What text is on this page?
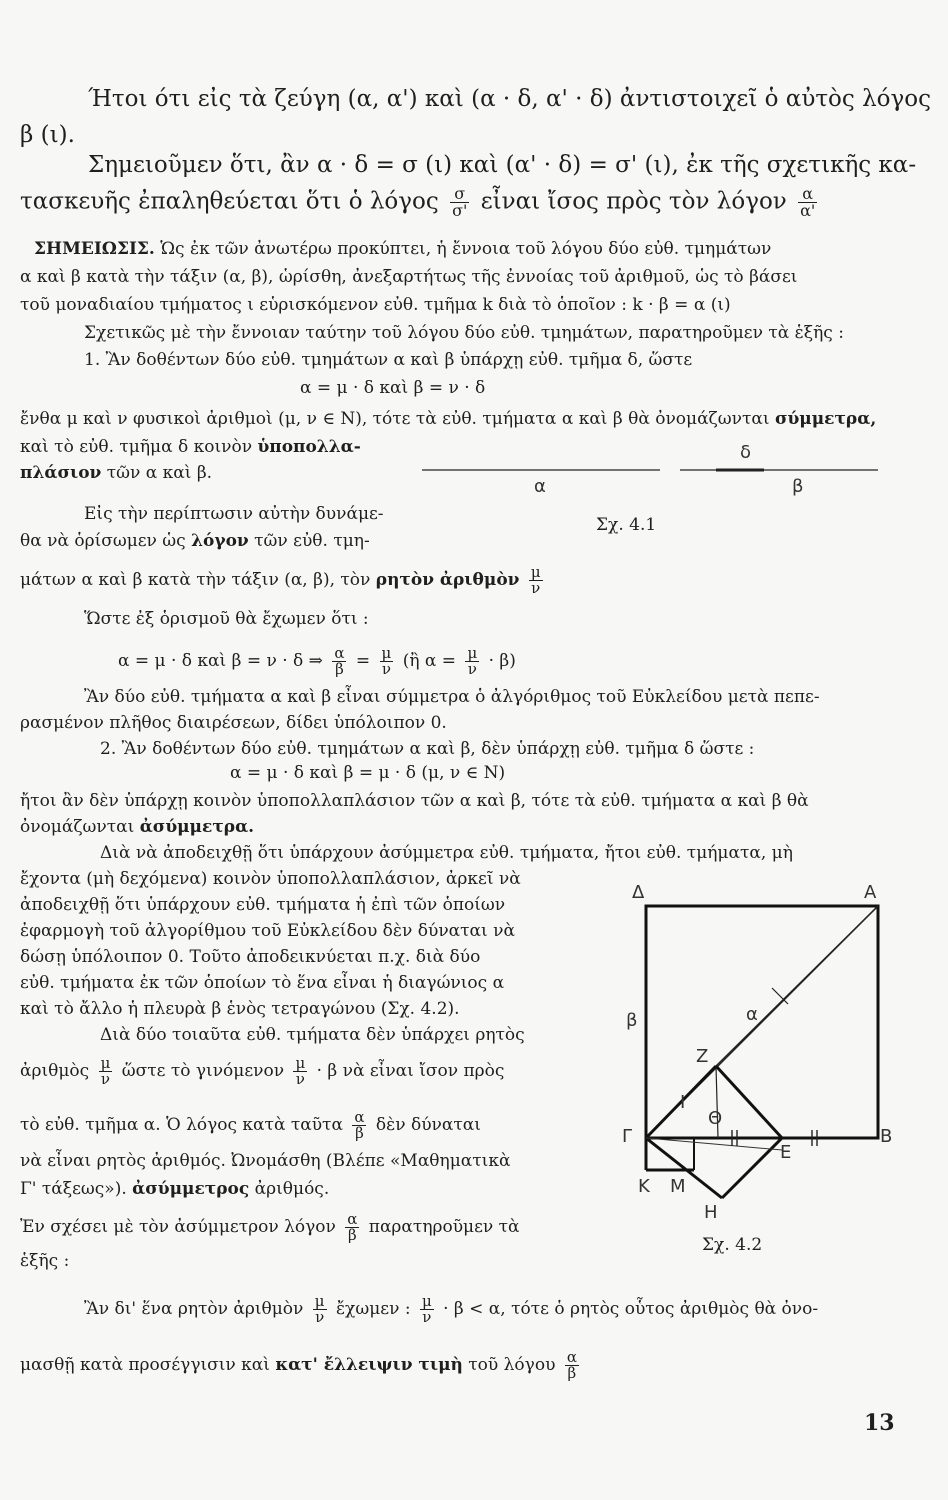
Ήτοι ότι εἰς τὰ ζεύγη (α, α') καὶ (α · δ, α' · δ) ἀντιστοιχεῖ ὁ αὐτὸς λόγος
β (ι).
Σημειοῦμεν ὅτι, ἂν α · δ = σ (ι) καὶ (α' · δ) = σ' (ι), ἐκ τῆς σχετικῆς κα-
τασκευῆς ἐπαληθεύεται ὅτι ὁ λόγος $\frac{\sigma}{\sigma'}$ εἶναι ἴσος πρὸς τὸν λόγον $\frac{\alpha}{\alpha'}$
ΣΗΜΕΙΩΣΙΣ. Ὡς ἐκ τῶν ἀνωτέρω προκύπτει, ἡ ἔννοια τοῦ λόγου δύο εὐθ. τμημάτων
α καὶ β κατὰ τὴν τάξιν (α, β), ὡρίσθη, ἀνεξαρτήτως τῆς ἐννοίας τοῦ ἀριθμοῦ, ὡς τὸ βάσει
τοῦ μοναδιαίου τμήματος ι εὑρισκόμενον εὐθ. τμῆμα k διὰ τὸ ὁποῖον : k · β = α (ι)
Σχετικῶς μὲ τὴν ἔννοιαν ταύτην τοῦ λόγου δύο εὐθ. τμημάτων, παρατηροῦμεν τὰ ἑξῆς :
1. Ἂν δοθέντων δύο εὐθ. τμημάτων α καὶ β ὑπάρχῃ εὐθ. τμῆμα δ, ὥστε
α = μ · δ καὶ β = ν · δ
ἔνθα μ καὶ ν φυσικοὶ ἀριθμοὶ (μ, ν ∈ N), τότε τὰ εὐθ. τμήματα α καὶ β θὰ ὀνομάζωνται σύμμετρα,
καὶ τὸ εὐθ. τμῆμα δ κοινὸν ὑποπολλα-
πλάσιον τῶν α καὶ β.
δ
α	β
Σχ. 4.1
Εἰς τὴν περίπτωσιν αὐτὴν δυνάμε-
θα νὰ ὁρίσωμεν ὡς λόγον τῶν εὐθ. τμη-
μάτων α καὶ β κατὰ τὴν τάξιν (α, β), τὸν ρητὸν ἀριθμὸν $\frac{\mu}{\nu}$
Ὥστε ἐξ ὁρισμοῦ θὰ ἔχωμεν ὅτι :
α = μ · δ καὶ β = ν · δ ⇒ $\frac{\alpha}{\beta} = \frac{\mu}{\nu}$ (ἢ $\alpha = \frac{\mu}{\nu} \cdot \beta$)
Ἂν δύο εὐθ. τμήματα α καὶ β εἶναι σύμμετρα ὁ ἀλγόριθμος τοῦ Εὐκλείδου μετὰ πεπε-
ρασμένον πλῆθος διαιρέσεων, δίδει ὑπόλοιπον 0.
2. Ἂν δοθέντων δύο εὐθ. τμημάτων α καὶ β, δὲν ὑπάρχῃ εὐθ. τμῆμα δ ὥστε :
α = μ · δ καὶ β = μ · δ (μ, ν ∈ N)
ἤτοι ἂν δὲν ὑπάρχῃ κοινὸν ὑποπολλαπλάσιον τῶν α καὶ β, τότε τὰ εὐθ. τμήματα α καὶ β θὰ
ὀνομάζωνται ἀσύμμετρα.
Διὰ νὰ ἀποδειχθῇ ὅτι ὑπάρχουν ἀσύμμετρα εὐθ. τμήματα, ἤτοι εὐθ. τμήματα, μὴ
ἔχοντα (μὴ δεχόμενα) κοινὸν ὑποπολλαπλάσιον, ἀρκεῖ νὰ
ἀποδειχθῇ ὅτι ὑπάρχουν εὐθ. τμήματα ἡ ἐπὶ τῶν ὁποίων
ἐφαρμογὴ τοῦ ἀλγορίθμου τοῦ Εὐκλείδου δὲν δύναται νὰ
δώσῃ ὑπόλοιπον 0. Τοῦτο ἀποδεικνύεται π.χ. διὰ δύο
εὐθ. τμήματα ἐκ τῶν ὁποίων τὸ ἕνα εἶναι ἡ διαγώνιος α
καὶ τὸ ἄλλο ἡ πλευρὰ β ἑνὸς τετραγώνου (Σχ. 4.2).
Διὰ δύο τοιαῦτα εὐθ. τμήματα δὲν ὑπάρχει ρητὸς
ἀριθμὸς $\frac{\mu}{\nu}$ ὥστε τὸ γινόμενον $\frac{\mu}{\nu} \cdot \beta$ νὰ εἶναι ἴσον πρὸς
τὸ εὐθ. τμῆμα α. Ὁ λόγος κατὰ ταῦτα $\frac{\alpha}{\beta}$ δὲν δύναται
νὰ εἶναι ρητὸς ἀριθμός. Ὠνομάσθη (Βλέπε «Μαθηματικὰ
Γ' τάξεως»). ἀσύμμετρος ἀριθμός.
Ἐν σχέσει μὲ τὸν ἀσύμμετρον λόγον $\frac{\alpha}{\beta}$ παρατηροῦμεν τὰ
ἑξῆς :
Ἂν δι' ἕνα ρητὸν ἀριθμὸν $\frac{\mu}{\nu}$ ἔχωμεν : $\frac{\mu}{\nu} \cdot \beta < \alpha$, τότε ὁ ρητὸς οὗτος ἀριθμὸς θὰ ὀνο-
μασθῇ κατὰ προσέγγισιν καὶ κατ' ἔλλειψιν τιμὴ τοῦ λόγου $\frac{\alpha}{\beta}$
Δ	Α
Β
Γ
Ε
Ζ
Θ
Ι
Κ Μ
Η
β	α
Σχ. 4.2
13
